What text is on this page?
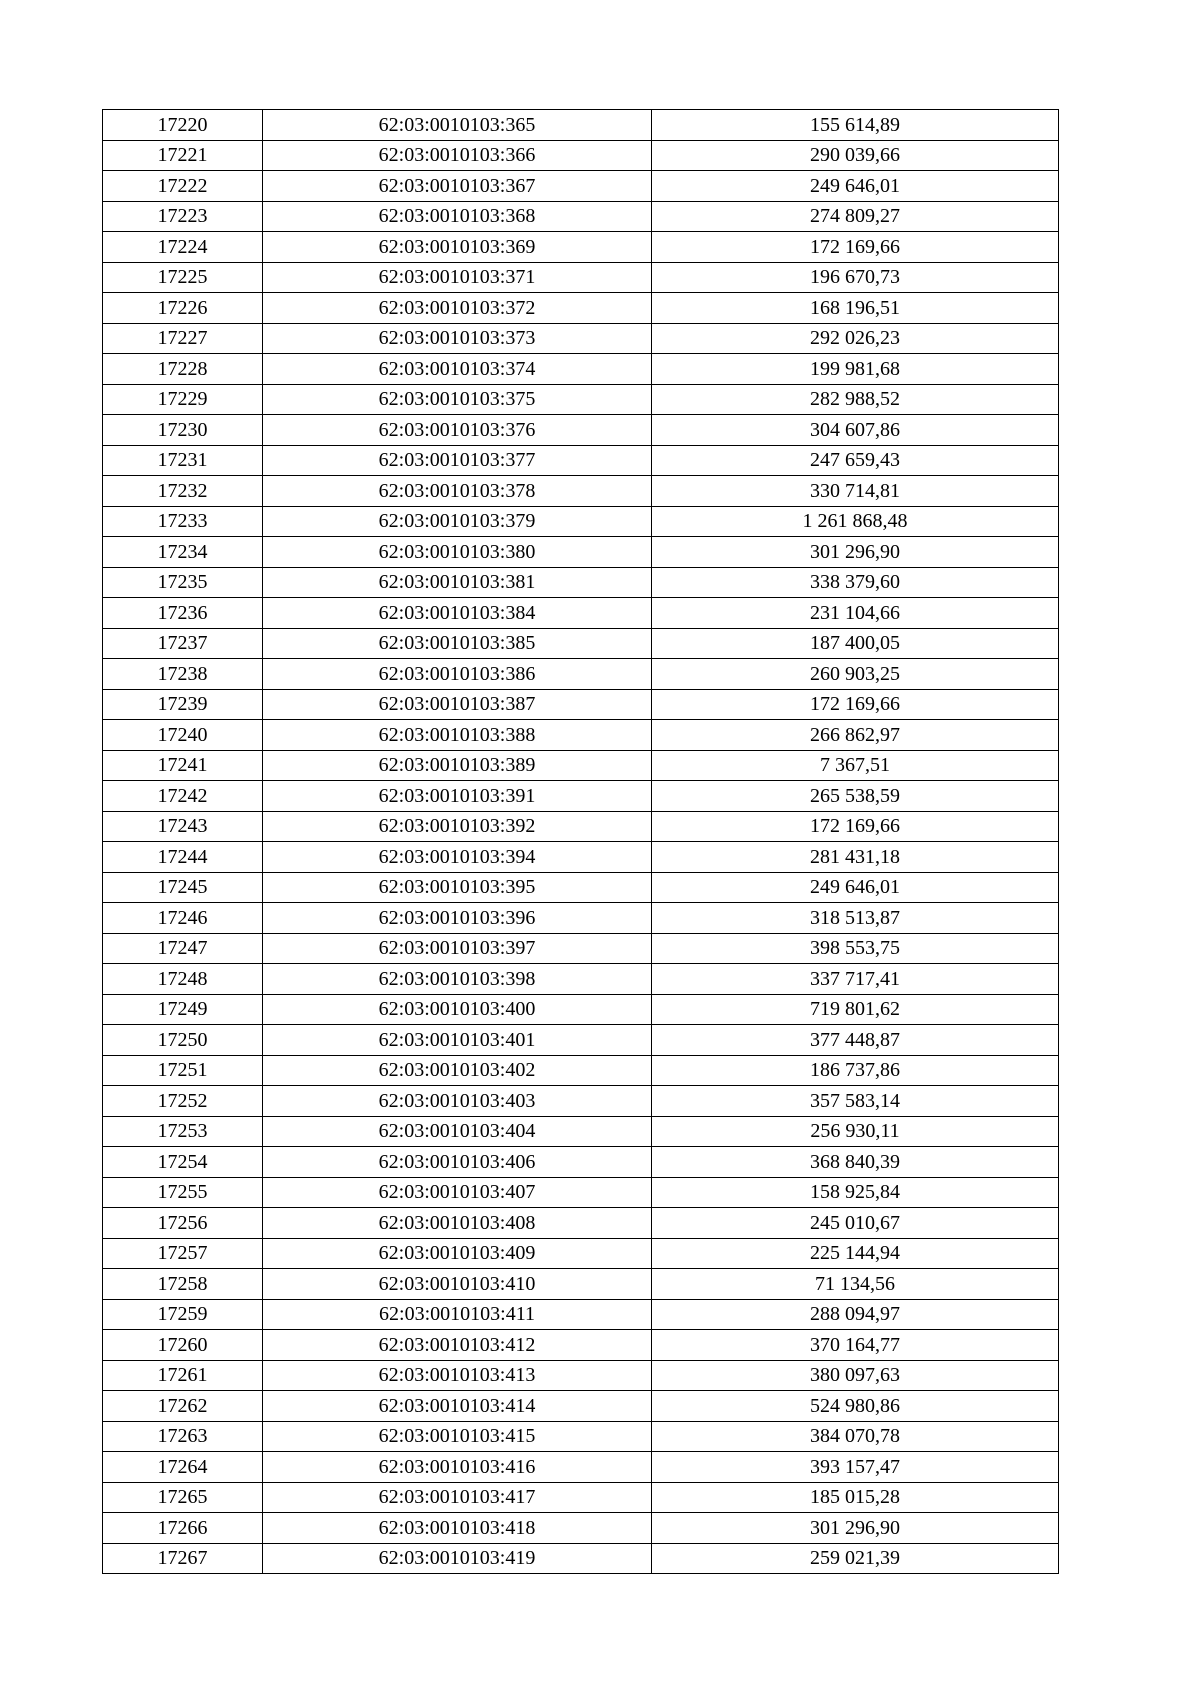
17220	62:03:0010103:365	155 614,89
17221	62:03:0010103:366	290 039,66
17222	62:03:0010103:367	249 646,01
17223	62:03:0010103:368	274 809,27
17224	62:03:0010103:369	172 169,66
17225	62:03:0010103:371	196 670,73
17226	62:03:0010103:372	168 196,51
17227	62:03:0010103:373	292 026,23
17228	62:03:0010103:374	199 981,68
17229	62:03:0010103:375	282 988,52
17230	62:03:0010103:376	304 607,86
17231	62:03:0010103:377	247 659,43
17232	62:03:0010103:378	330 714,81
17233	62:03:0010103:379	1 261 868,48
17234	62:03:0010103:380	301 296,90
17235	62:03:0010103:381	338 379,60
17236	62:03:0010103:384	231 104,66
17237	62:03:0010103:385	187 400,05
17238	62:03:0010103:386	260 903,25
17239	62:03:0010103:387	172 169,66
17240	62:03:0010103:388	266 862,97
17241	62:03:0010103:389	7 367,51
17242	62:03:0010103:391	265 538,59
17243	62:03:0010103:392	172 169,66
17244	62:03:0010103:394	281 431,18
17245	62:03:0010103:395	249 646,01
17246	62:03:0010103:396	318 513,87
17247	62:03:0010103:397	398 553,75
17248	62:03:0010103:398	337 717,41
17249	62:03:0010103:400	719 801,62
17250	62:03:0010103:401	377 448,87
17251	62:03:0010103:402	186 737,86
17252	62:03:0010103:403	357 583,14
17253	62:03:0010103:404	256 930,11
17254	62:03:0010103:406	368 840,39
17255	62:03:0010103:407	158 925,84
17256	62:03:0010103:408	245 010,67
17257	62:03:0010103:409	225 144,94
17258	62:03:0010103:410	71 134,56
17259	62:03:0010103:411	288 094,97
17260	62:03:0010103:412	370 164,77
17261	62:03:0010103:413	380 097,63
17262	62:03:0010103:414	524 980,86
17263	62:03:0010103:415	384 070,78
17264	62:03:0010103:416	393 157,47
17265	62:03:0010103:417	185 015,28
17266	62:03:0010103:418	301 296,90
17267	62:03:0010103:419	259 021,39
